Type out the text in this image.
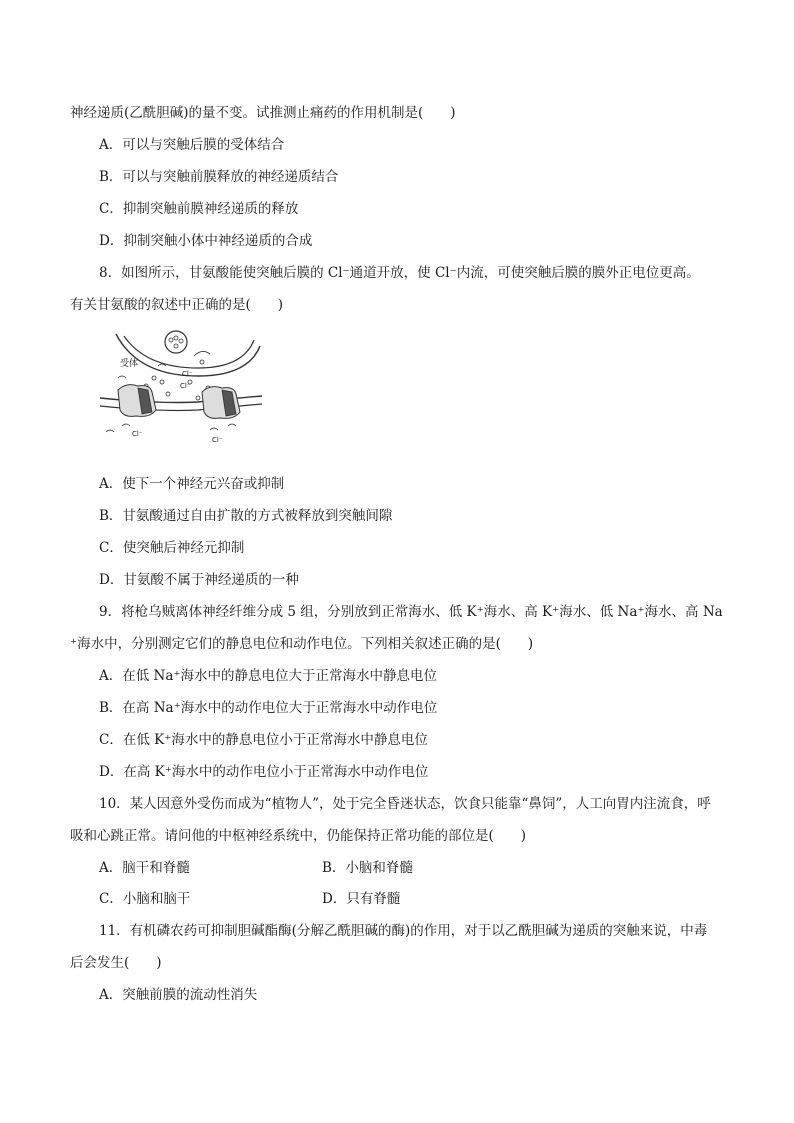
神经递质(乙酰胆碱)的量不变。试推测止痛药的作用机制是(　　)
A．可以与突触后膜的受体结合
B．可以与突触前膜释放的神经递质结合
C．抑制突触前膜神经递质的释放
D．抑制突触小体中神经递质的合成
8．如图所示，甘氨酸能使突触后膜的 Cl⁻通道开放，使 Cl⁻内流，可使突触后膜的膜外正电位更高。
有关甘氨酸的叙述中正确的是(　　)
受体
Cl⁻
Cl⁻
Cl⁻
Cl⁻
A．使下一个神经元兴奋或抑制
B．甘氨酸通过自由扩散的方式被释放到突触间隙
C．使突触后神经元抑制
D．甘氨酸不属于神经递质的一种
9．将枪乌贼离体神经纤维分成 5 组，分别放到正常海水、低 K⁺海水、高 K⁺海水、低 Na⁺海水、高 Na
⁺海水中，分别测定它们的静息电位和动作电位。下列相关叙述正确的是(　　)
A．在低 Na⁺海水中的静息电位大于正常海水中静息电位
B．在高 Na⁺海水中的动作电位大于正常海水中动作电位
C．在低 K⁺海水中的静息电位小于正常海水中静息电位
D．在高 K⁺海水中的动作电位小于正常海水中动作电位
10．某人因意外受伤而成为“植物人”，处于完全昏迷状态，饮食只能靠“鼻饲”，人工向胃内注流食，呼
吸和心跳正常。请问他的中枢神经系统中，仍能保持正常功能的部位是(　　)
A．脑干和脊髓	B．小脑和脊髓
C．小脑和脑干	D．只有脊髓
11．有机磷农药可抑制胆碱酯酶(分解乙酰胆碱的酶)的作用，对于以乙酰胆碱为递质的突触来说，中毒
后会发生(　　)
A．突触前膜的流动性消失
